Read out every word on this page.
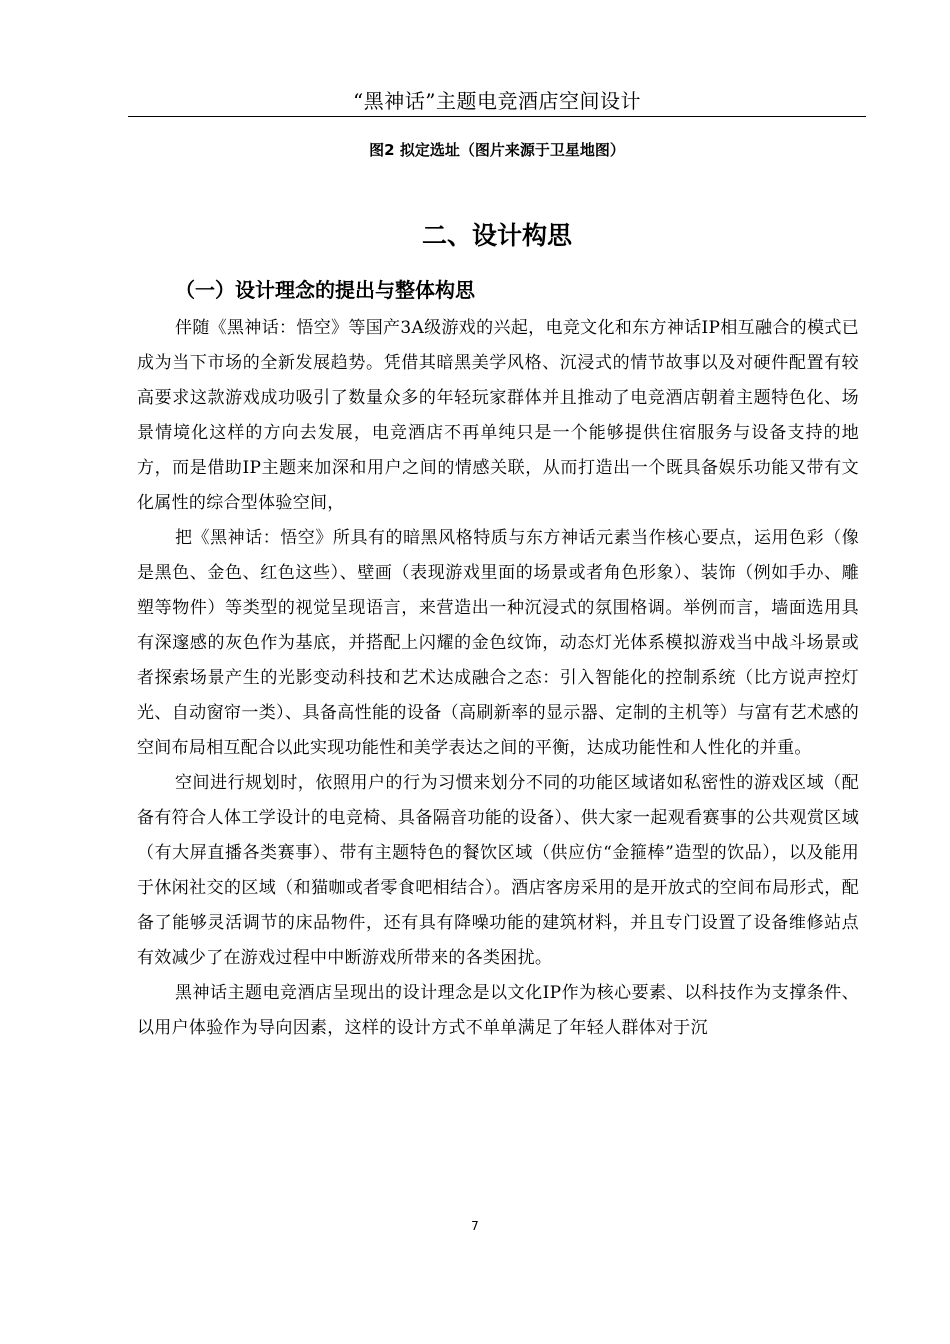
“黑神话”主题电竞酒店空间设计
图2 拟定选址（图片来源于卫星地图）
二、设计构思
（一）设计理念的提出与整体构思

伴随《黑神话：悟空》等国产3A级游戏的兴起，电竞文化和东方神话IP相互融合的模式已成为当下市场的全新发展趋势。凭借其暗黑美学风格、沉浸式的情节故事以及对硬件配置有较高要求这款游戏成功吸引了数量众多的年轻玩家群体并且推动了电竞酒店朝着主题特色化、场景情境化这样的方向去发展，电竞酒店不再单纯只是一个能够提供住宿服务与设备支持的地方，而是借助IP主题来加深和用户之间的情感关联，从而打造出一个既具备娱乐功能又带有文化属性的综合型体验空间，

把《黑神话：悟空》所具有的暗黑风格特质与东方神话元素当作核心要点，运用色彩（像是黑色、金色、红色这些）、壁画（表现游戏里面的场景或者角色形象）、装饰（例如手办、雕塑等物件）等类型的视觉呈现语言，来营造出一种沉浸式的氛围格调。举例而言，墙面选用具有深邃感的灰色作为基底，并搭配上闪耀的金色纹饰，动态灯光体系模拟游戏当中战斗场景或者探索场景产生的光影变动科技和艺术达成融合之态：引入智能化的控制系统（比方说声控灯光、自动窗帘一类）、具备高性能的设备（高刷新率的显示器、定制的主机等）与富有艺术感的空间布局相互配合以此实现功能性和美学表达之间的平衡，达成功能性和人性化的并重。

空间进行规划时，依照用户的行为习惯来划分不同的功能区域诸如私密性的游戏区域（配备有符合人体工学设计的电竞椅、具备隔音功能的设备）、供大家一起观看赛事的公共观赏区域（有大屏直播各类赛事）、带有主题特色的餐饮区域（供应仿“金箍棒”造型的饮品），以及能用于休闲社交的区域（和猫咖或者零食吧相结合）。酒店客房采用的是开放式的空间布局形式，配备了能够灵活调节的床品物件，还有具有降噪功能的建筑材料，并且专门设置了设备维修站点有效减少了在游戏过程中中断游戏所带来的各类困扰。

黑神话主题电竞酒店呈现出的设计理念是以文化IP作为核心要素、以科技作为支撑条件、以用户体验作为导向因素，这样的设计方式不单单满足了年轻人群体对于沉

7
